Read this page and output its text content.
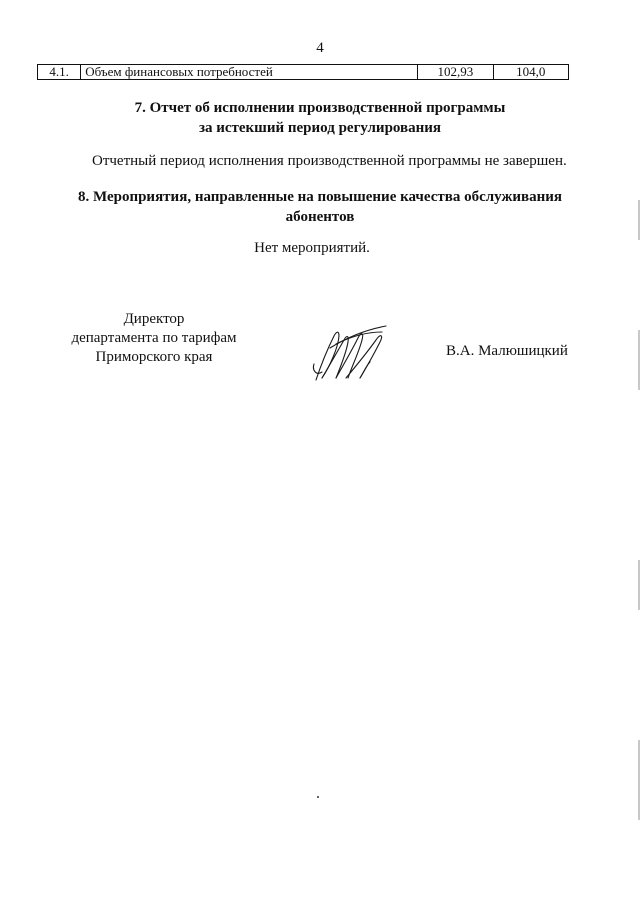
4
4.1.	Объем финансовых потребностей	102,93	104,0
7. Отчет об исполнении производственной программы
за истекший период регулирования
Отчетный период исполнения производственной программы не завершен.
8. Мероприятия, направленные на повышение качества обслуживания
абонентов
Нет мероприятий.
Директор
департамента по тарифам
Приморского края	В.А. Малюшицкий
